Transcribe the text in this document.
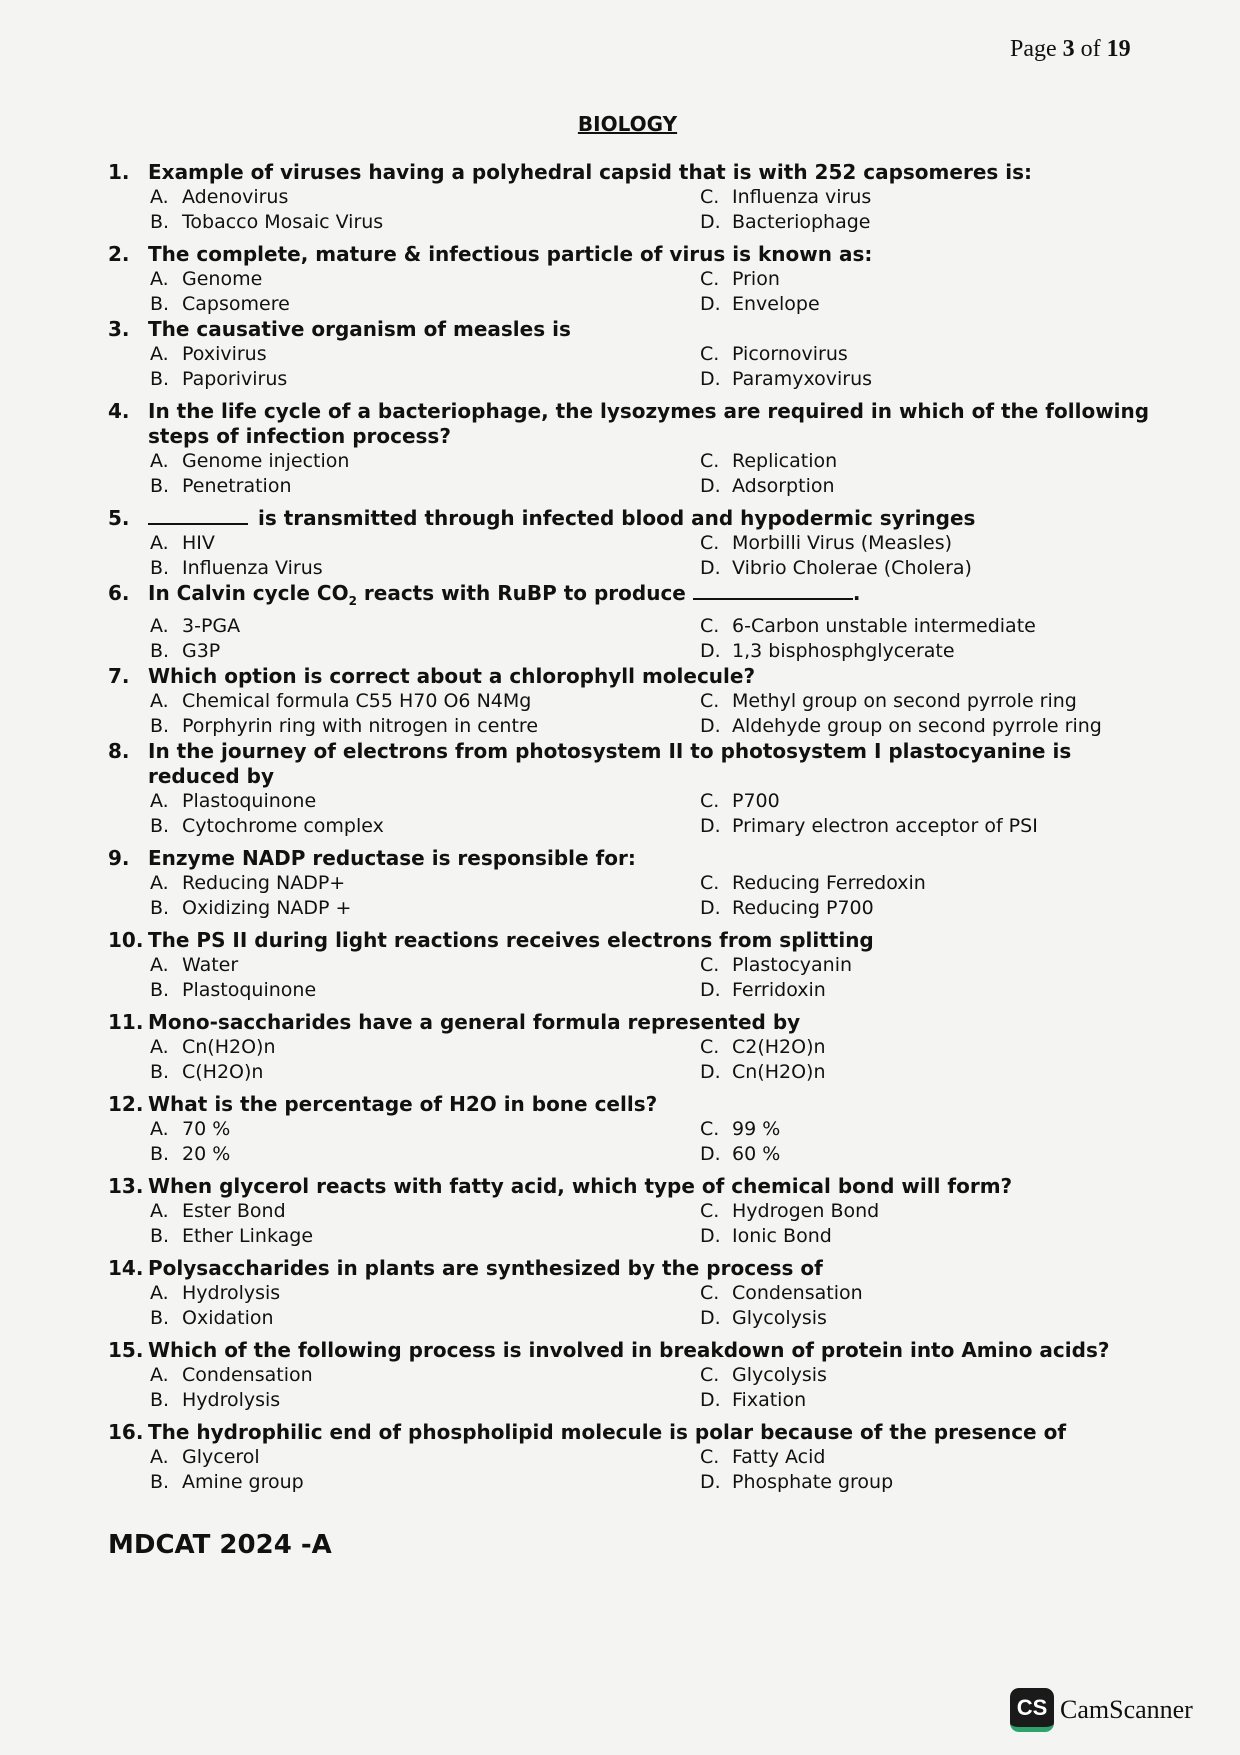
Page 3 of 19
BIOLOGY
1. Example of viruses having a polyhedral capsid that is with 252 capsomeres is:
A. Adenovirus	C. Influenza virus
B. Tobacco Mosaic Virus	D. Bacteriophage
2. The complete, mature & infectious particle of virus is known as:
A. Genome	C. Prion
B. Capsomere	D. Envelope
3. The causative organism of measles is
A. Poxivirus	C. Picornovirus
B. Paporivirus	D. Paramyxovirus
4. In the life cycle of a bacteriophage, the lysozymes are required in which of the following steps of infection process?
A. Genome injection	C. Replication
B. Penetration	D. Adsorption
5.	is transmitted through infected blood and hypodermic syringes
A. HIV	C. Morbilli Virus (Measles)
B. Influenza Virus	D. Vibrio Cholerae (Cholera)
6. In Calvin cycle $CO_2$ reacts with RuBP to produce	.
A. 3-PGA	C. 6-Carbon unstable intermediate
B. G3P	D. 1,3 bisphosphglycerate
7. Which option is correct about a chlorophyll molecule?
A. Chemical formula C55 H70 O6 N4Mg	C. Methyl group on second pyrrole ring
B. Porphyrin ring with nitrogen in centre	D. Aldehyde group on second pyrrole ring
8. In the journey of electrons from photosystem II to photosystem I plastocyanine is reduced by
A. Plastoquinone	C. P700
B. Cytochrome complex	D. Primary electron acceptor of PSI
9. Enzyme NADP reductase is responsible for:
A. Reducing NADP+	C. Reducing Ferredoxin
B. Oxidizing NADP +	D. Reducing P700
10. The PS II during light reactions receives electrons from splitting
A. Water	C. Plastocyanin
B. Plastoquinone	D. Ferridoxin
11. Mono-saccharides have a general formula represented by
A. Cn(H2O)n	C. C2(H2O)n
B. C(H2O)n	D. Cn(H2O)n
12. What is the percentage of H2O in bone cells?
A. 70 %	C. 99 %
B. 20 %	D. 60 %
13. When glycerol reacts with fatty acid, which type of chemical bond will form?
A. Ester Bond	C. Hydrogen Bond
B. Ether Linkage	D. Ionic Bond
14. Polysaccharides in plants are synthesized by the process of
A. Hydrolysis	C. Condensation
B. Oxidation	D. Glycolysis
15. Which of the following process is involved in breakdown of protein into Amino acids?
A. Condensation	C. Glycolysis
B. Hydrolysis	D. Fixation
16. The hydrophilic end of phospholipid molecule is polar because of the presence of
A. Glycerol	C. Fatty Acid
B. Amine group	D. Phosphate group
MDCAT 2024 -A
CS CamScanner
